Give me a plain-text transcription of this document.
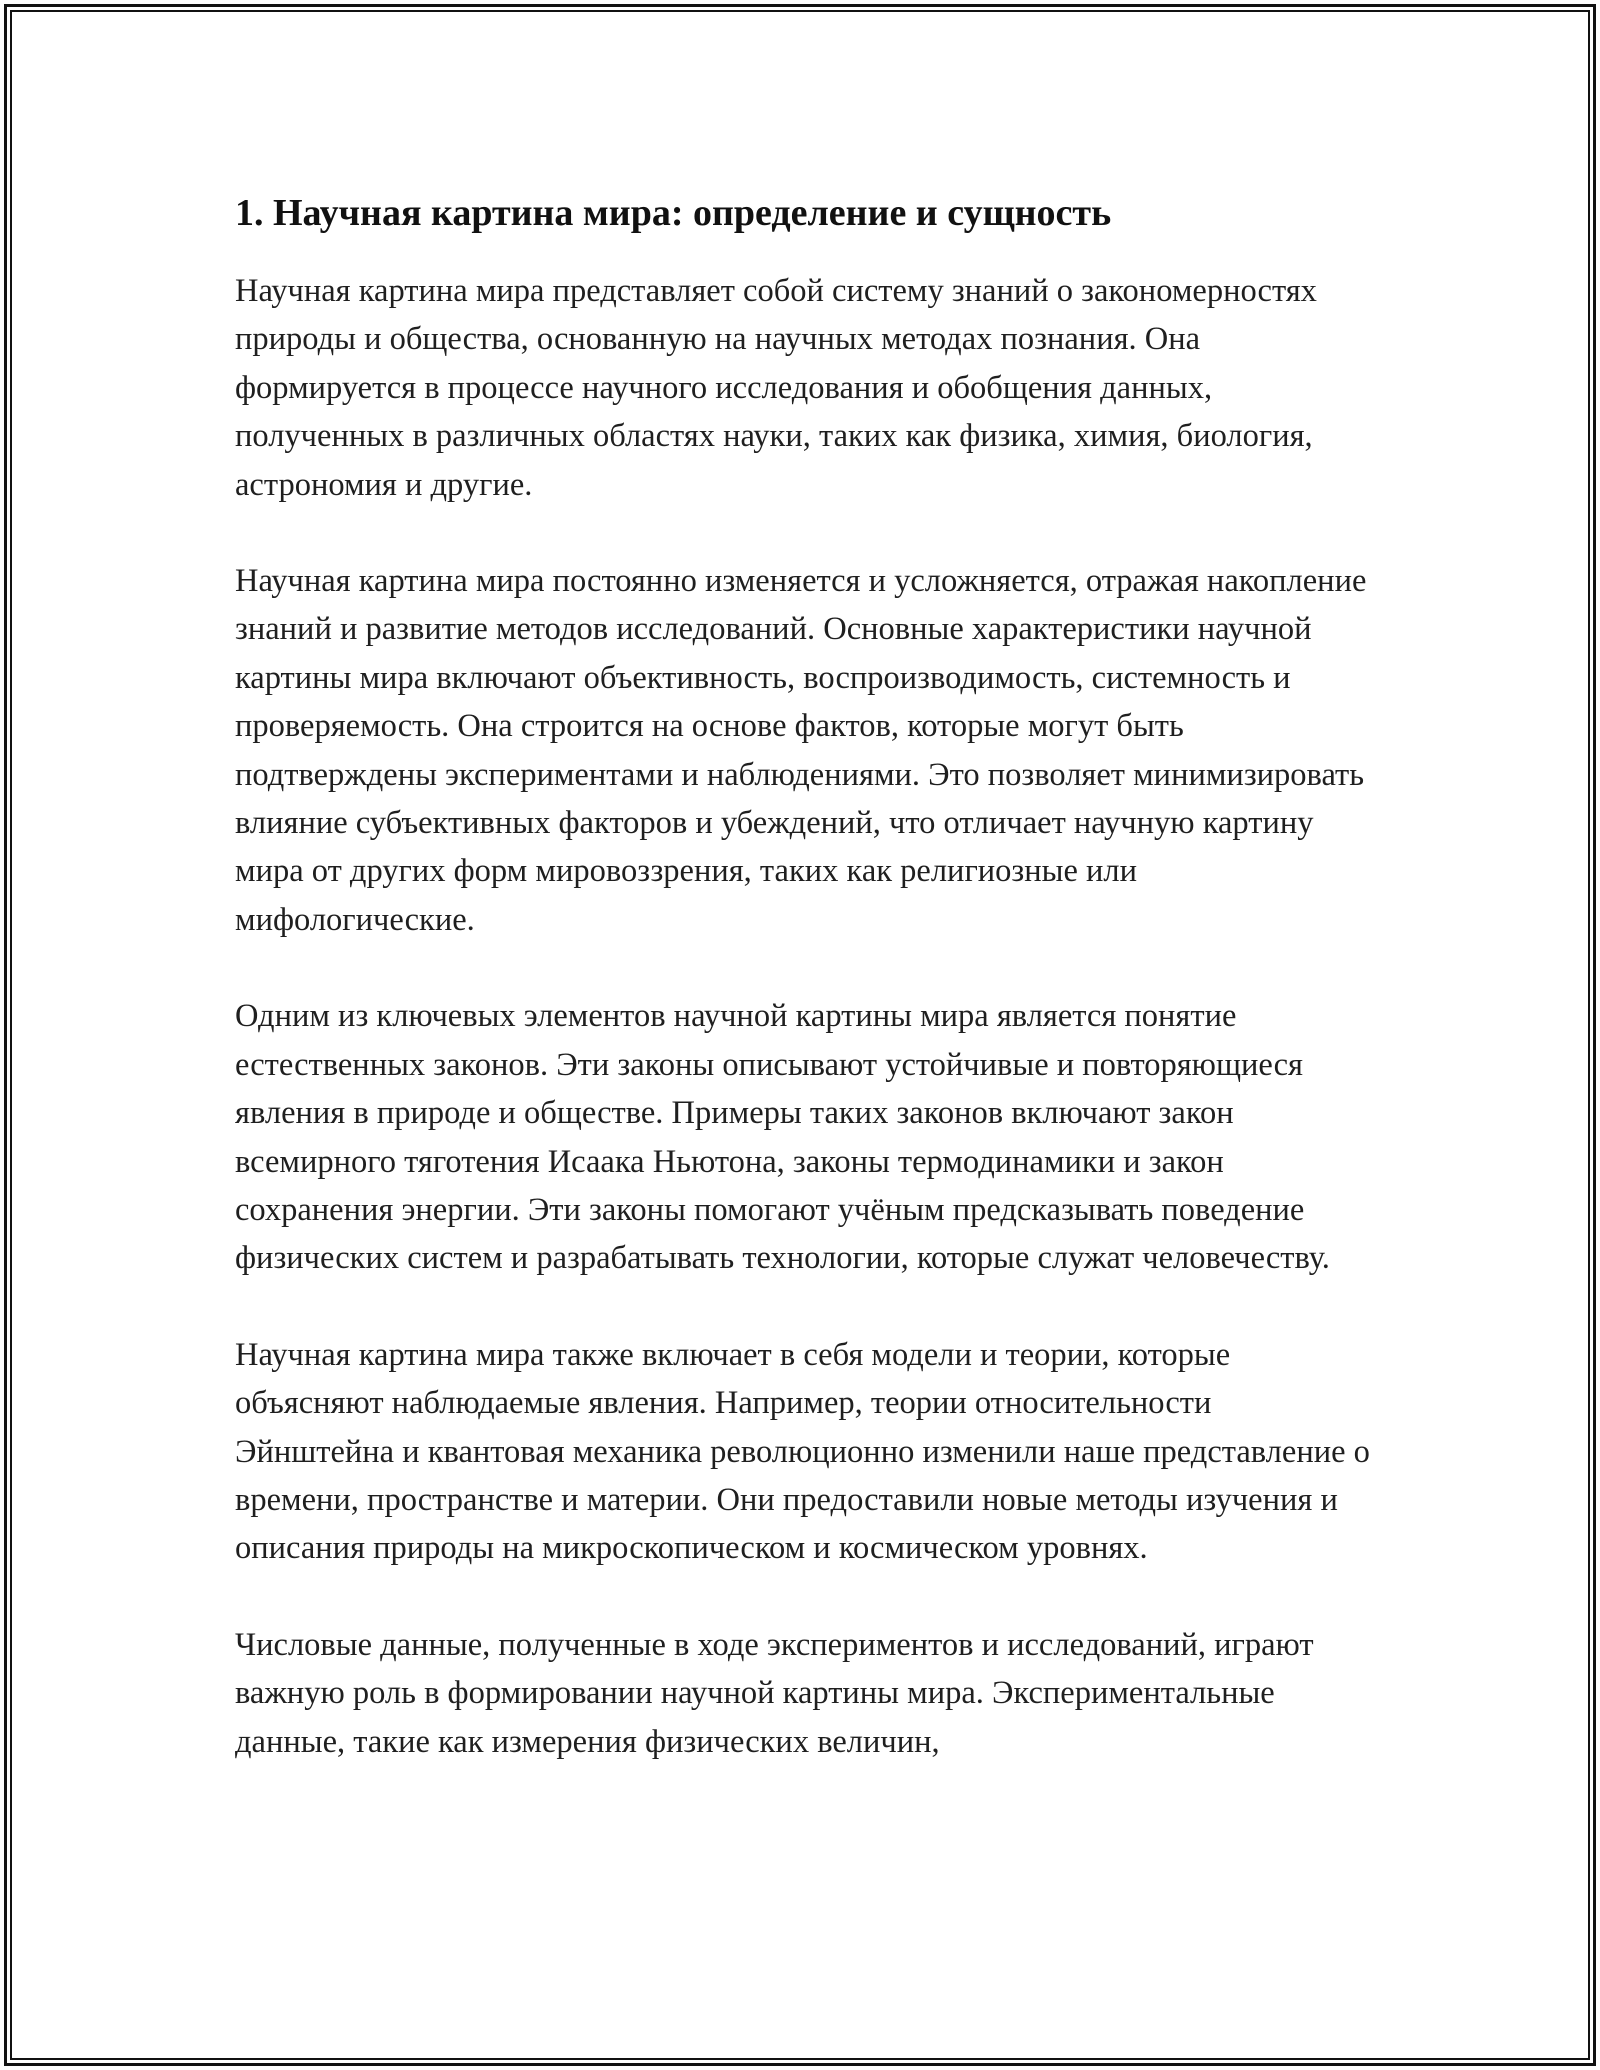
1. Научная картина мира: определение и сущность

Научная картина мира представляет собой систему знаний о закономерностях природы и общества, основанную на научных методах познания. Она формируется в процессе научного исследования и обобщения данных, полученных в различных областях науки, таких как физика, химия, биология, астрономия и другие.

Научная картина мира постоянно изменяется и усложняется, отражая накопление знаний и развитие методов исследований. Основные характеристики научной картины мира включают объективность, воспроизводимость, системность и проверяемость. Она строится на основе фактов, которые могут быть подтверждены экспериментами и наблюдениями. Это позволяет минимизировать влияние субъективных факторов и убеждений, что отличает научную картину мира от других форм мировоззрения, таких как религиозные или мифологические.

Одним из ключевых элементов научной картины мира является понятие естественных законов. Эти законы описывают устойчивые и повторяющиеся явления в природе и обществе. Примеры таких законов включают закон всемирного тяготения Исаака Ньютона, законы термодинамики и закон сохранения энергии. Эти законы помогают учёным предсказывать поведение физических систем и разрабатывать технологии, которые служат человечеству.

Научная картина мира также включает в себя модели и теории, которые объясняют наблюдаемые явления. Например, теории относительности Эйнштейна и квантовая механика революционно изменили наше представление о времени, пространстве и материи. Они предоставили новые методы изучения и описания природы на микроскопическом и космическом уровнях.

Числовые данные, полученные в ходе экспериментов и исследований, играют важную роль в формировании научной картины мира. Экспериментальные данные, такие как измерения физических величин,
